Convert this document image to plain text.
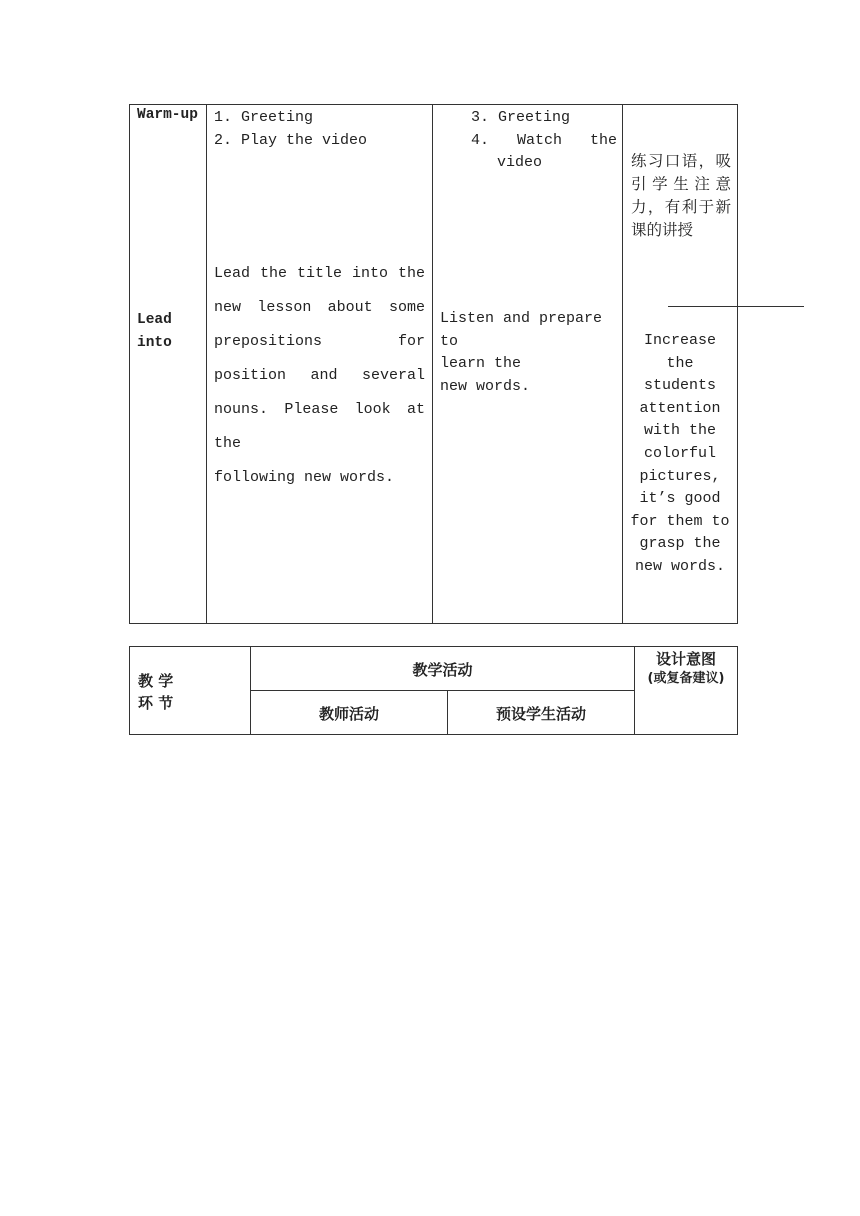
Warm-up 1. Greeting
2. Play the video
3. Greeting
4. Watch the
video	练习口语，吸引学生注意力，有利于新课的讲授
Lead
into
Lead the title into the
new lesson about some
prepositions for
position and several
nouns. Please look at the
following new words.
Listen and prepare to
learn the
new words.
Increase
the
students
attention
with the
colorful
pictures,
it’s good
for them to
grasp the
new words.
教 学
环 节
教学活动
教师活动	预设学生活动
设计意图
(或复备建议)
